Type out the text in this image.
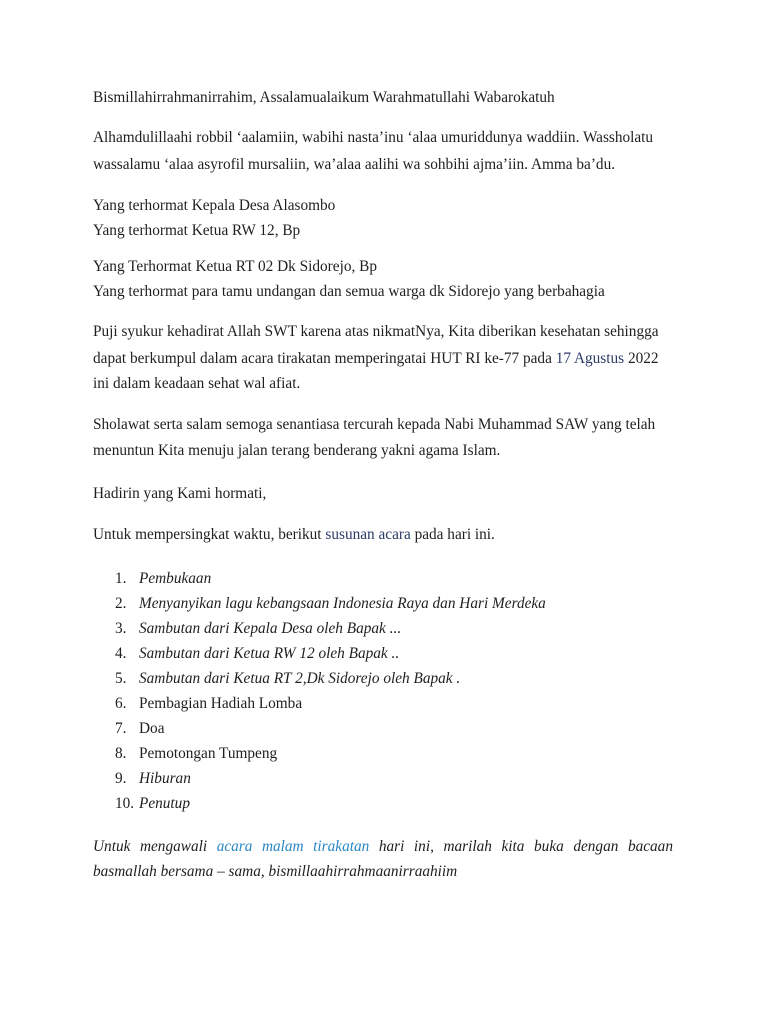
Bismillahirrahmanirrahim, Assalamualaikum Warahmatullahi Wabarokatuh
Alhamdulillaahi robbil ‘aalamiin, wabihi nasta’inu ‘alaa umuriddunya waddiin. Wassholatu
wassalamu ‘alaa asyrofil mursaliin, wa’alaa aalihi wa sohbihi ajma’iin. Amma ba’du.
Yang terhormat Kepala Desa Alasombo
Yang terhormat Ketua RW 12, Bp
Yang Terhormat Ketua RT 02 Dk Sidorejo, Bp
Yang terhormat para tamu undangan dan semua warga dk Sidorejo yang berbahagia
Puji syukur kehadirat Allah SWT karena atas nikmatNya, Kita diberikan kesehatan sehingga
dapat berkumpul dalam acara tirakatan memperingatai HUT RI ke-77 pada 17 Agustus 2022
ini dalam keadaan sehat wal afiat.
Sholawat serta salam semoga senantiasa tercurah kepada Nabi Muhammad SAW yang telah
menuntun Kita menuju jalan terang benderang yakni agama Islam.
Hadirin yang Kami hormati,
Untuk mempersingkat waktu, berikut susunan acara pada hari ini.
1. Pembukaan
2. Menyanyikan lagu kebangsaan Indonesia Raya dan Hari Merdeka
3. Sambutan dari Kepala Desa oleh Bapak ...
4. Sambutan dari Ketua RW 12 oleh Bapak ..
5. Sambutan dari Ketua RT 2,Dk Sidorejo oleh Bapak .
6. Pembagian Hadiah Lomba
7. Doa
8. Pemotongan Tumpeng
9. Hiburan
10. Penutup
Untuk mengawali acara malam tirakatan hari ini, marilah kita buka dengan bacaan basmallah bersama – sama, bismillaahirrahmaanirraahiim
